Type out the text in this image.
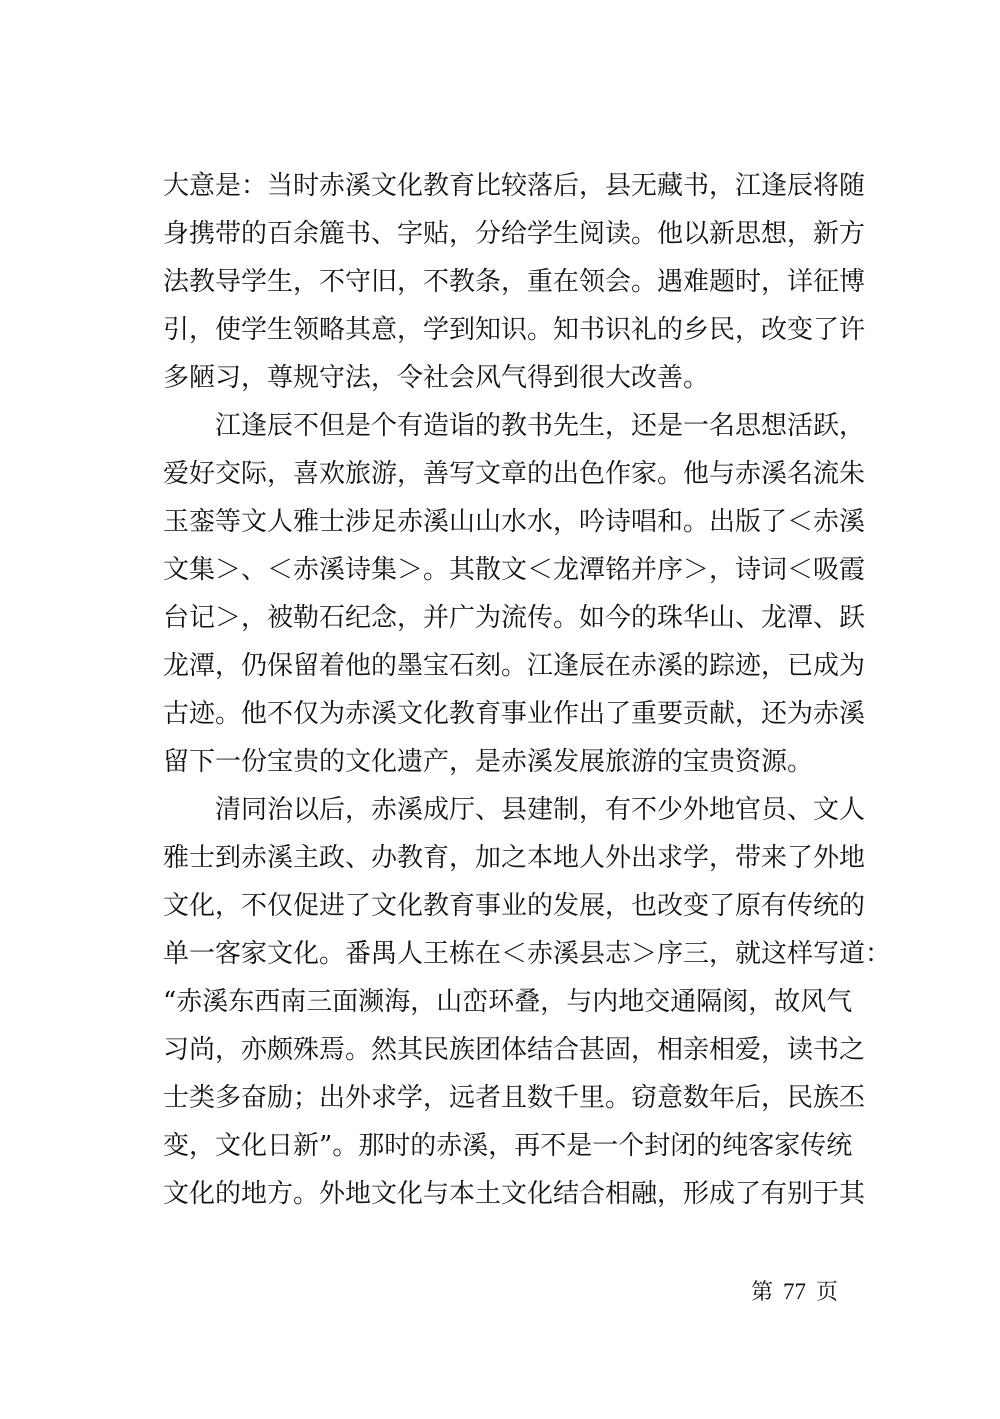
大意是：当时赤溪文化教育比较落后，县无藏书，江逢辰将随
身携带的百余簏书、字贴，分给学生阅读。他以新思想，新方
法教导学生，不守旧，不教条，重在领会。遇难题时，详征博
引，使学生领略其意，学到知识。知书识礼的乡民，改变了许
多陋习，尊规守法，令社会风气得到很大改善。
　　江逢辰不但是个有造诣的教书先生，还是一名思想活跃，
爱好交际，喜欢旅游，善写文章的出色作家。他与赤溪名流朱
玉銮等文人雅士涉足赤溪山山水水，吟诗唱和。出版了＜赤溪
文集＞、＜赤溪诗集＞。其散文＜龙潭铭并序＞，诗词＜吸霞
台记＞，被勒石纪念，并广为流传。如今的珠华山、龙潭、跃
龙潭，仍保留着他的墨宝石刻。江逢辰在赤溪的踪迹，已成为
古迹。他不仅为赤溪文化教育事业作出了重要贡献，还为赤溪
留下一份宝贵的文化遗产，是赤溪发展旅游的宝贵资源。
　　清同治以后，赤溪成厅、县建制，有不少外地官员、文人
雅士到赤溪主政、办教育，加之本地人外出求学，带来了外地
文化，不仅促进了文化教育事业的发展，也改变了原有传统的
单一客家文化。番禺人王栋在＜赤溪县志＞序三，就这样写道：
“赤溪东西南三面濒海，山峦环叠，与内地交通隔阂，故风气
习尚，亦颇殊焉。然其民族团体结合甚固，相亲相爱，读书之
士类多奋励；出外求学，远者且数千里。窃意数年后，民族丕
变，文化日新”。那时的赤溪，再不是一个封闭的纯客家传统
文化的地方。外地文化与本土文化结合相融，形成了有别于其
第 77 页
